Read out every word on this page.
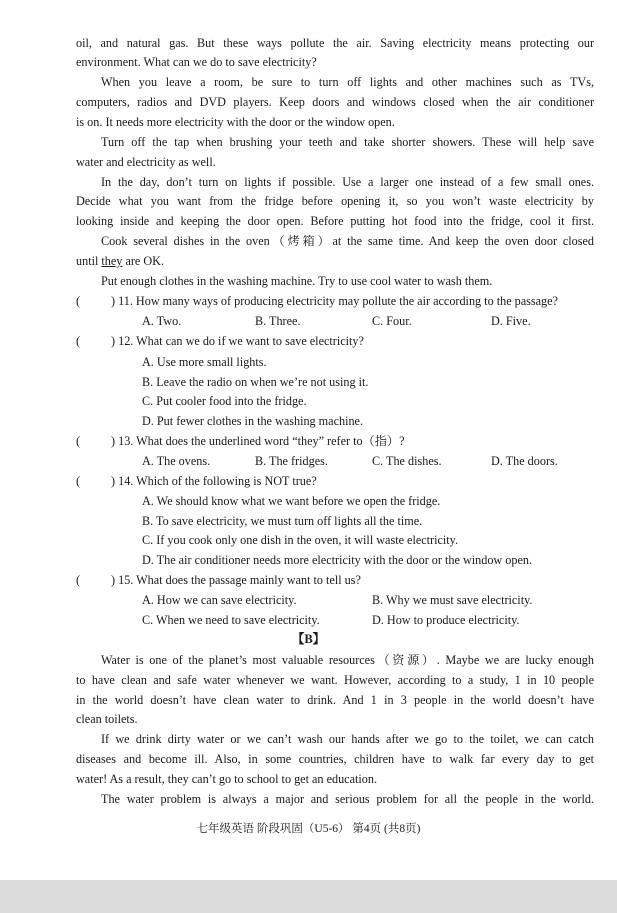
oil, and natural gas. But these ways pollute the air. Saving electricity means protecting our
environment. What can we do to save electricity?
When you leave a room, be sure to turn off lights and other machines such as TVs,
computers, radios and DVD players. Keep doors and windows closed when the air conditioner
is on. It needs more electricity with the door or the window open.
Turn off the tap when brushing your teeth and take shorter showers. These will help save
water and electricity as well.
In the day, don’t turn on lights if possible. Use a larger one instead of a few small ones.
Decide what you want from the fridge before opening it, so you won’t waste electricity by
looking inside and keeping the door open. Before putting hot food into the fridge, cool it first.
Cook several dishes in the oven（烤箱）at the same time. And keep the oven door closed
until they are OK.
Put enough clothes in the washing machine. Try to use cool water to wash them.
(	) 11. How many ways of producing electricity may pollute the air according to the passage?
A. Two.	B. Three.	C. Four.	D. Five.
(	) 12. What can we do if we want to save electricity?
A. Use more small lights.
B. Leave the radio on when we’re not using it.
C. Put cooler food into the fridge.
D. Put fewer clothes in the washing machine.
(	) 13. What does the underlined word “they” refer to（指）?
A. The ovens.	B. The fridges.	C. The dishes.	D. The doors.
(	) 14. Which of the following is NOT true?
A. We should know what we want before we open the fridge.
B. To save electricity, we must turn off lights all the time.
C. If you cook only one dish in the oven, it will waste electricity.
D. The air conditioner needs more electricity with the door or the window open.
(	) 15. What does the passage mainly want to tell us?
A. How we can save electricity.	B. Why we must save electricity.
C. When we need to save electricity.	D. How to produce electricity.
【B】
Water is one of the planet’s most valuable resources（资源）. Maybe we are lucky enough
to have clean and safe water whenever we want. However, according to a study, 1 in 10 people
in the world doesn’t have clean water to drink. And 1 in 3 people in the world doesn’t have
clean toilets.
If we drink dirty water or we can’t wash our hands after we go to the toilet, we can catch
diseases and become ill. Also, in some countries, children have to walk far every day to get
water! As a result, they can’t go to school to get an education.
The water problem is always a major and serious problem for all the people in the world.
七年级英语 阶段巩固（U5-6） 第4页 (共8页)
